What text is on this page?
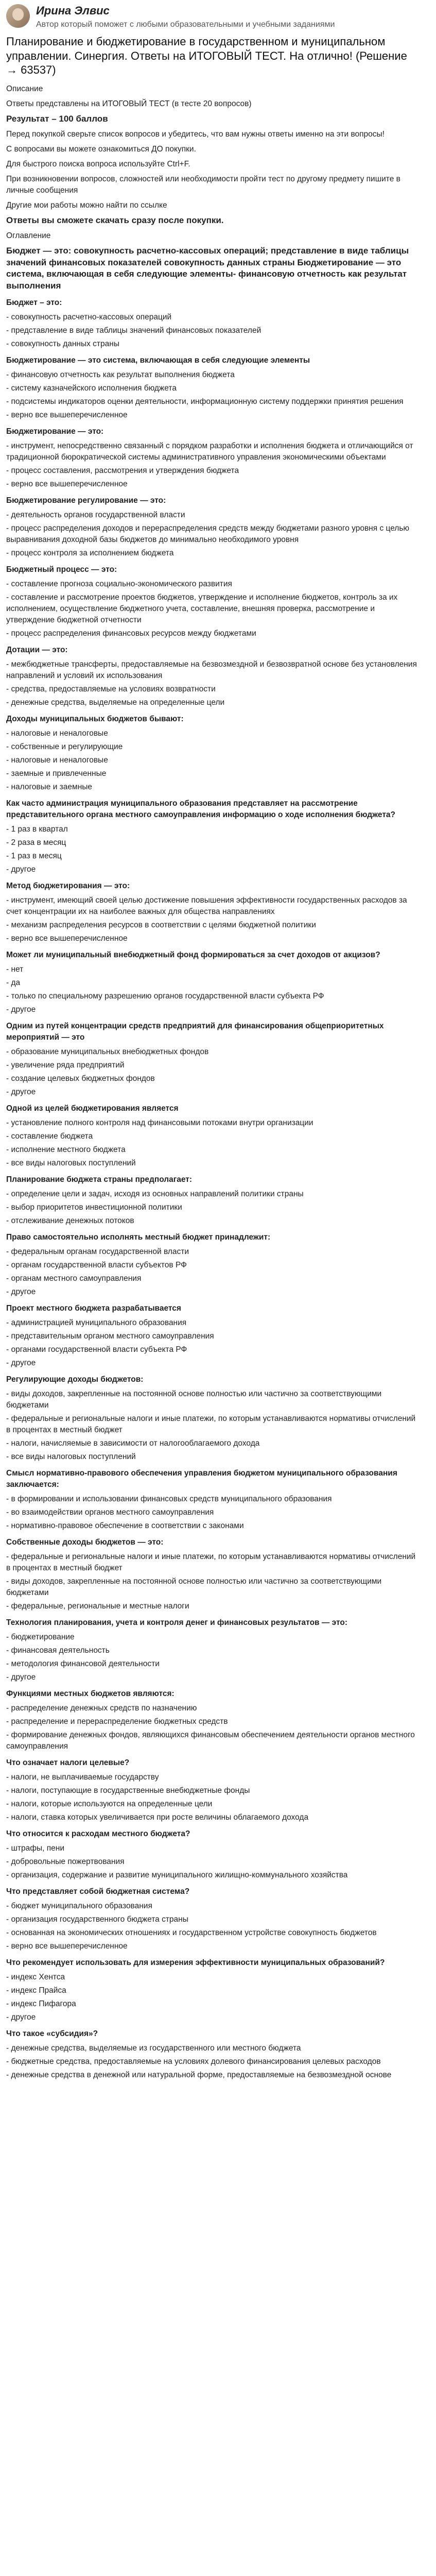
Ирина Элвис
Автор который поможет с любыми образовательными и учебными заданиями
Планирование и бюджетирование в государственном и муниципальном управлении. Синергия. Ответы на ИТОГОВЫЙ ТЕСТ. На отлично! (Решение → 63537)
Описание
Ответы представлены на ИТОГОВЫЙ ТЕСТ (в тесте 20 вопросов)
Результат – 100 баллов
Перед покупкой сверьте список вопросов и убедитесь, что вам нужны ответы именно на эти вопросы!
С вопросами вы можете ознакомиться ДО покупки.
Для быстрого поиска вопроса используйте Ctrl+F.
При возникновении вопросов, сложностей или необходимости пройти тест по другому предмету пишите в личные сообщения
Другие мои работы можно найти по ссылке
Ответы вы сможете скачать сразу после покупки.
Оглавление
Бюджет — это: совокупность расчетно-кассовых операций; представление в виде таблицы значений финансовых показателей совокупность данных страны Бюджетирование — это система, включающая в себя следующие элементы- финансовую отчетность как результат выполнения
Бюджет – это:
- совокупность расчетно-кассовых операций
- представление в виде таблицы значений финансовых показателей
- совокупность данных страны
Бюджетирование — это система, включающая в себя следующие элементы
- финансовую отчетность как результат выполнения бюджета
- систему казначейского исполнения бюджета
- подсистемы индикаторов оценки деятельности, информационную систему поддержки принятия решения
- верно все вышеперечисленное
Бюджетирование — это:
- инструмент, непосредственно связанный с порядком разработки и исполнения бюджета и отличающийся от традиционной бюрократической системы административного управления экономическими объектами
- процесс составления, рассмотрения и утверждения бюджета
- верно все вышеперечисленное
Бюджетирование регулирование — это:
- деятельность органов государственной власти
- процесс распределения доходов и перераспределения средств между бюджетами разного уровня с целью выравнивания доходной базы бюджетов до минимально необходимого уровня
- процесс контроля за исполнением бюджета
Бюджетный процесс — это:
- составление прогноза социально-экономического развития
- составление и рассмотрение проектов бюджетов, утверждение и исполнение бюджетов, контроль за их исполнением, осуществление бюджетного учета, составление, внешняя проверка, рассмотрение и утверждение бюджетной отчетности
- процесс распределения финансовых ресурсов между бюджетами
Дотации — это:
- межбюджетные трансферты, предоставляемые на безвозмездной и безвозвратной основе без установления направлений и условий их использования
- средства, предоставляемые на условиях возвратности
- денежные средства, выделяемые на определенные цели
Доходы муниципальных бюджетов бывают:
- налоговые и неналоговые
- собственные и регулирующие
- налоговые и неналоговые
- заемные и привлеченные
- налоговые и заемные
Как часто администрация муниципального образования представляет на рассмотрение представительного органа местного самоуправления информацию о ходе исполнения бюджета?
- 1 раз в квартал
- 2 раза в месяц
- 1 раз в месяц
- другое
Метод бюджетирования — это:
- инструмент, имеющий своей целью достижение повышения эффективности государственных расходов за счет концентрации их на наиболее важных для общества направлениях
- механизм распределения ресурсов в соответствии с целями бюджетной политики
- верно все вышеперечисленное
Может ли муниципальный внебюджетный фонд формироваться за счет доходов от акцизов?
- нет
- да
- только по специальному разрешению органов государственной власти субъекта РФ
- другое
Одним из путей концентрации средств предприятий для финансирования общеприоритетных мероприятий — это
- образование муниципальных внебюджетных фондов
- увеличение ряда предприятий
- создание целевых бюджетных фондов
- другое
Одной из целей бюджетирования является
- установление полного контроля над финансовыми потоками внутри организации
- составление бюджета
- исполнение местного бюджета
- все виды налоговых поступлений
Планирование бюджета страны предполагает:
- определение цели и задач, исходя из основных направлений политики страны
- выбор приоритетов инвестиционной политики
- отслеживание денежных потоков
Право самостоятельно исполнять местный бюджет принадлежит:
- федеральным органам государственной власти
- органам государственной власти субъектов РФ
- органам местного самоуправления
- другое
Проект местного бюджета разрабатывается
- администрацией муниципального образования
- представительным органом местного самоуправления
- органами государственной власти субъекта РФ
- другое
Регулирующие доходы бюджетов:
- виды доходов, закрепленные на постоянной основе полностью или частично за соответствующими бюджетами
- федеральные и региональные налоги и иные платежи, по которым устанавливаются нормативы отчислений в процентах в местный бюджет
- налоги, начисляемые в зависимости от налогооблагаемого дохода
- все виды налоговых поступлений
Смысл нормативно-правового обеспечения управления бюджетом муниципального образования заключается:
- в формировании и использовании финансовых средств муниципального образования
- во взаимодействии органов местного самоуправления
- нормативно-правовое обеспечение в соответствии с законами
Собственные доходы бюджетов — это:
- федеральные и региональные налоги и иные платежи, по которым устанавливаются нормативы отчислений в процентах в местный бюджет
- виды доходов, закрепленные на постоянной основе полностью или частично за соответствующими бюджетами
- федеральные, региональные и местные налоги
Технология планирования, учета и контроля денег и финансовых результатов — это:
- бюджетирование
- финансовая деятельность
- методология финансовой деятельности
- другое
Функциями местных бюджетов являются:
- распределение денежных средств по назначению
- распределение и перераспределение бюджетных средств
- формирование денежных фондов, являющихся финансовым обеспечением деятельности органов местного самоуправления
Что означает налоги целевые?
- налоги, не выплачиваемые государству
- налоги, поступающие в государственные внебюджетные фонды
- налоги, которые используются на определенные цели
- налоги, ставка которых увеличивается при росте величины облагаемого дохода
Что относится к расходам местного бюджета?
- штрафы, пени
- добровольные пожертвования
- организация, содержание и развитие муниципального жилищно-коммунального хозяйства
Что представляет собой бюджетная система?
- бюджет муниципального образования
- организация государственного бюджета страны
- основанная на экономических отношениях и государственном устройстве совокупность бюджетов
- верно все вышеперечисленное
Что рекомендует использовать для измерения эффективности муниципальных образований?
- индекс Хентса
- индекс Прайса
- индекс Пифагора
- другое
Что такое «субсидия»?
- денежные средства, выделяемые из государственного или местного бюджета
- бюджетные средства, предоставляемые на условиях долевого финансирования целевых расходов
- денежные средства в денежной или натуральной форме, предоставляемые на безвозмездной основе
